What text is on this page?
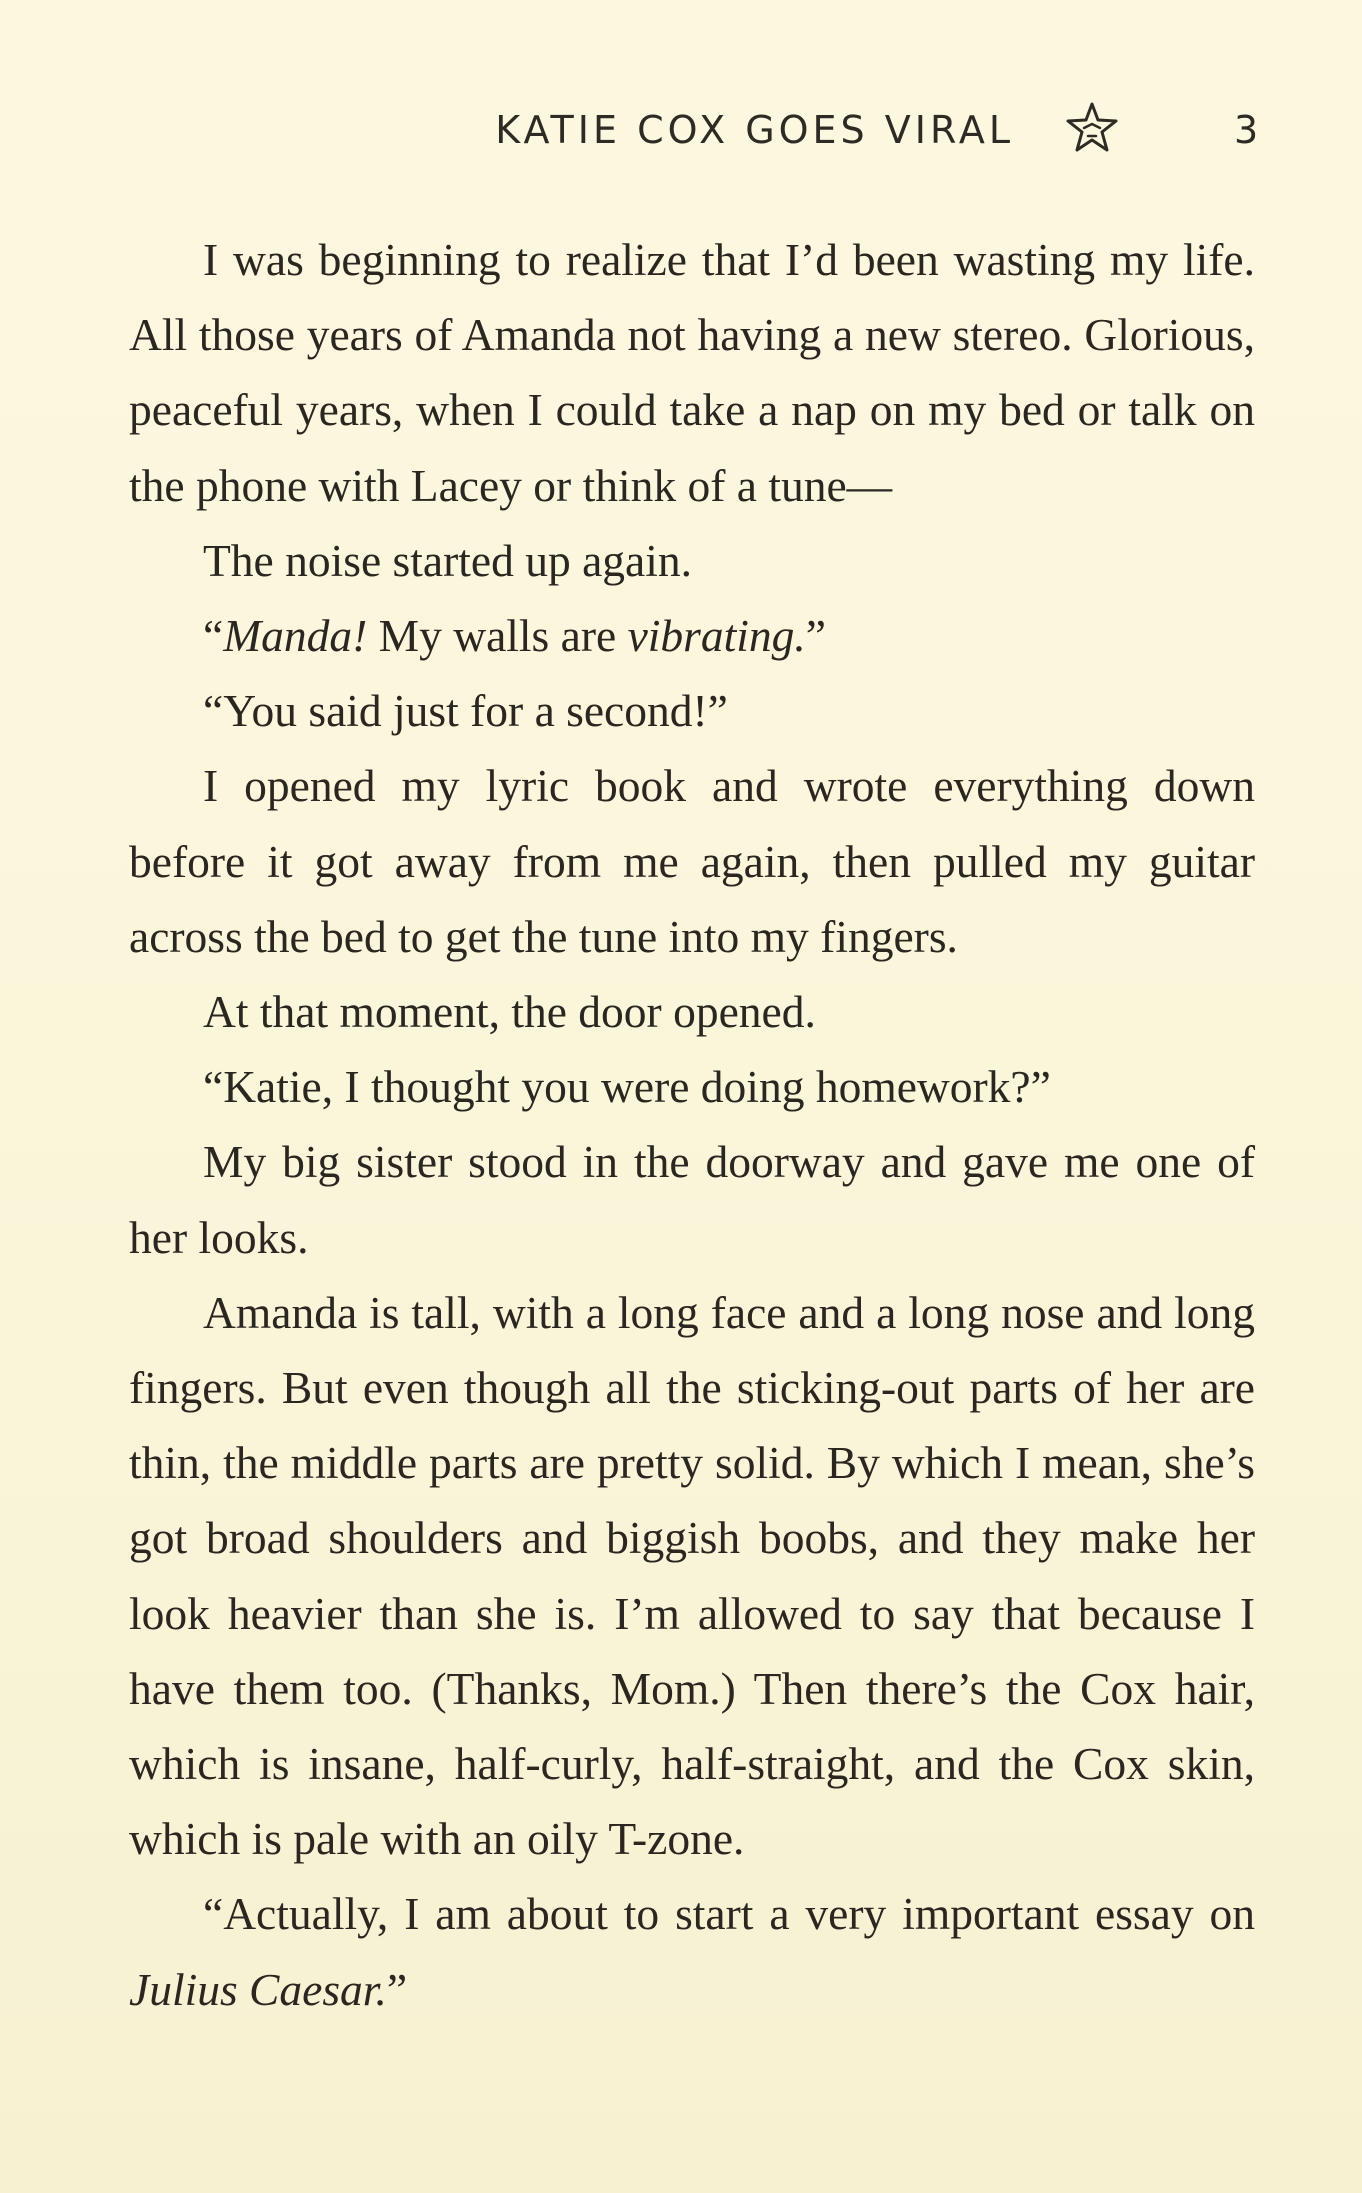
KATIE COX GOES VIRAL	3

I was beginning to realize that I’d been wasting my life. All those years of Amanda not having a new stereo. Glorious, peaceful years, when I could take a nap on my bed or talk on the phone with Lacey or think of a tune—

The noise started up again.

“Manda! My walls are vibrating.”

“You said just for a second!”

I opened my lyric book and wrote everything down before it got away from me again, then pulled my guitar across the bed to get the tune into my fingers.

At that moment, the door opened.

“Katie, I thought you were doing homework?”

My big sister stood in the doorway and gave me one of her looks.

Amanda is tall, with a long face and a long nose and long fingers. But even though all the sticking-out parts of her are thin, the middle parts are pretty solid. By which I mean, she’s got broad shoulders and biggish boobs, and they make her look heavier than she is. I’m allowed to say that because I have them too. (Thanks, Mom.) Then there’s the Cox hair, which is insane, half-curly, half-straight, and the Cox skin, which is pale with an oily T-zone.

“Actually, I am about to start a very important essay on Julius Caesar.”
